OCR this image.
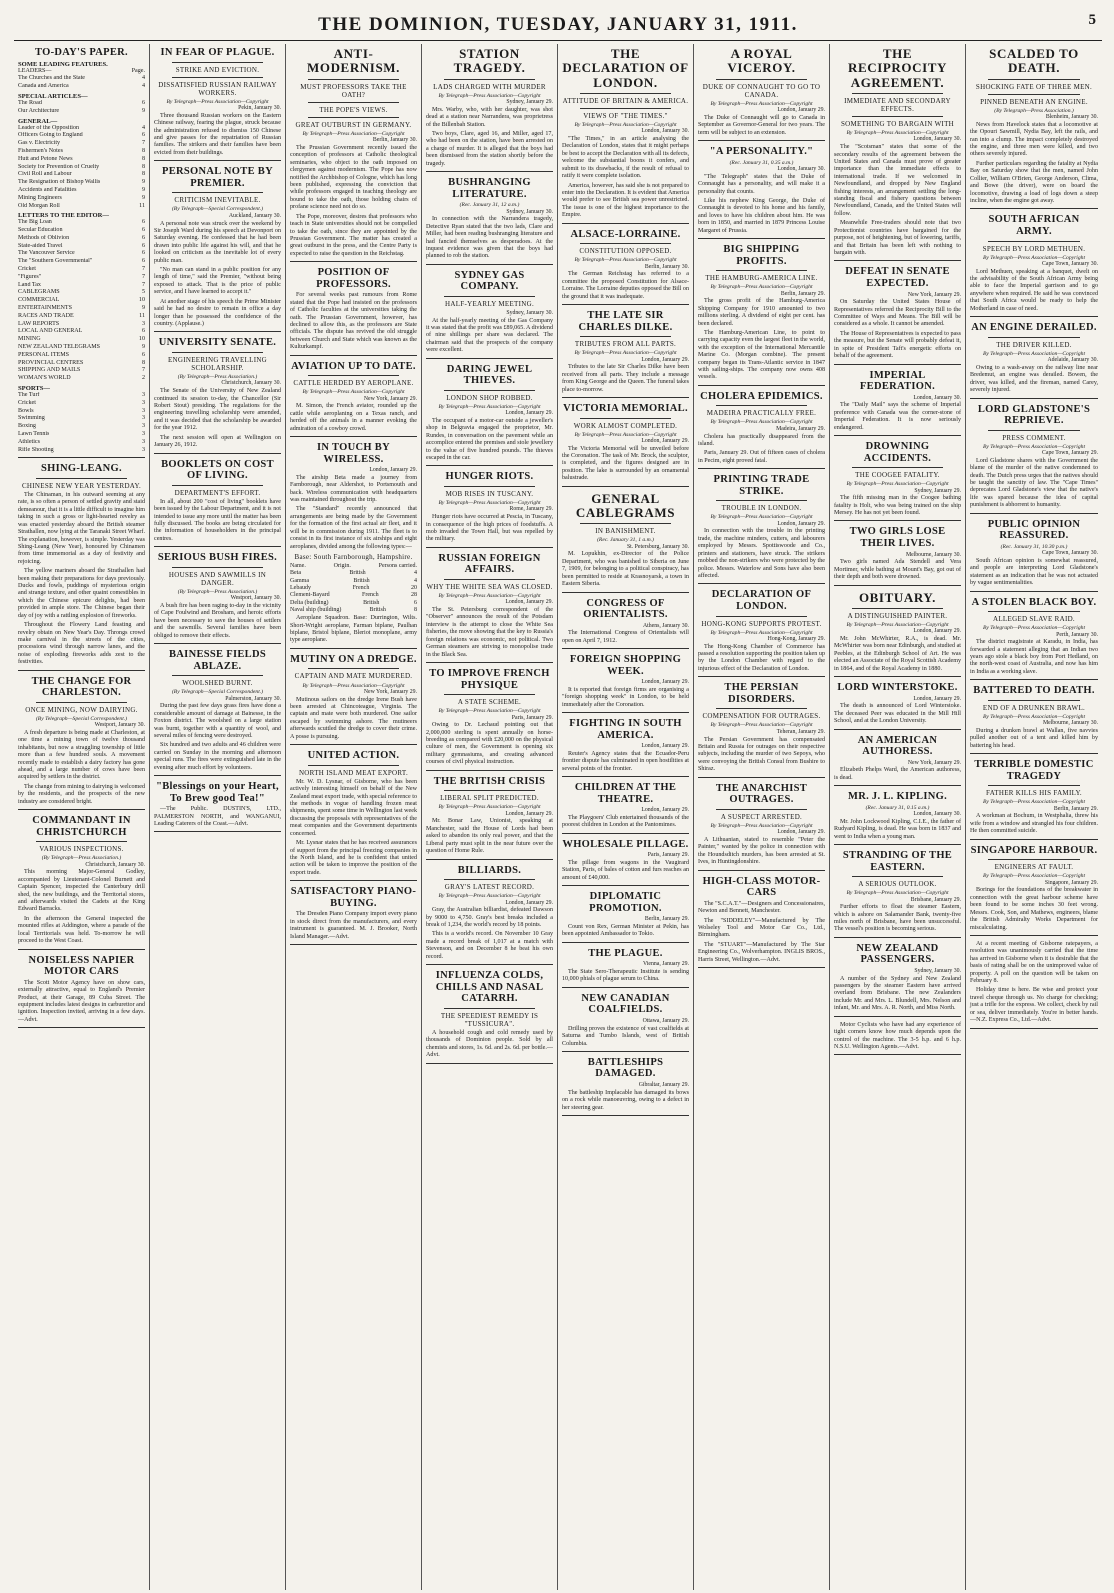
THE DOMINION, TUESDAY, JANUARY 31, 1911.	5
TO-DAY'S PAPER.
SOME LEADING FEATURES.
LEADERS—	Page.
The Churches and the State	4
Canada and America	4
SPECIAL ARTICLES—
The Road	6
Our Architecture	9
GENERAL—
Leader of the Opposition	4
Officers Going to England	6
Gas v. Electricity	7
Fishermen's Notes	8
Hutt and Petone News	8
Society for Prevention of Cruelty	8
Civil Roll and Labour	8
The Resignation of Bishop Wallis	9
Accidents and Fatalities	9
Mining Engineers	9
Old Morgan Roll	11
LETTERS TO THE EDITOR—
The Big Loan	6
Secular Education	6
Methods of Oblivion	6
State-aided Travel	6
The Vancouver Service	6
The "Southern Governmental"	6
Cricket	7
"Figures"	7
Land Tax	7
CABLEGRAMS	5
COMMERCIAL	10
ENTERTAINMENTS	9
RACES AND TRADE	11
LAW REPORTS	3
LOCAL AND GENERAL	6
MINING	10
NEW ZEALAND TELEGRAMS	9
PERSONAL ITEMS	6
PROVINCIAL CENTRES	8
SHIPPING AND MAILS	7
WOMAN'S WORLD	2
SPORTS—
The Turf	3
Cricket	3
Bowls	3
Swimming	3
Boxing	3
Lawn Tennis	3
Athletics	3
Rifle Shooting	3
SHING-LEANG.
CHINESE NEW YEAR YESTERDAY.

The Chinaman, in his outward seeming at any rate, is so often a person of settled gravity and staid demeanour, that it is a little difficult to imagine him taking in such a gross or light-hearted revelry as was enacted yesterday aboard the British steamer Strathallen, now lying at the Taranaki Street Wharf. The explanation, however, is simple. Yesterday was Shing-Leang (New Year), honoured by Chinamen from time immemorial as a day of festivity and rejoicing.

The yellow mariners aboard the Strathallen had been making their preparations for days previously. Ducks and fowls, puddings of mysterious origin and strange texture, and other quaint comestibles in which the Chinese epicure delights, had been provided in ample store. The Chinese began their day of joy with a rattling explosion of fireworks.

Throughout the Flowery Land feasting and revelry obtain on New Year's Day. Throngs crowd make carnival in the streets of the cities, processions wind through narrow lanes, and the noise of exploding fireworks adds zest to the festivities.

THE CHANGE FOR CHARLESTON.
ONCE MINING, NOW DAIRYING.
(By Telegraph—Special Correspondent.)
Westport, January 30.

A fresh departure is being made at Charleston, at one time a mining town of twelve thousand inhabitants, but now a straggling township of little more than a few hundred souls. A movement recently made to establish a dairy factory has gone ahead, and a large number of cows have been acquired by settlers in the district.

The change from mining to dairying is welcomed by the residents, and the prospects of the new industry are considered bright.

COMMANDANT IN CHRISTCHURCH
VARIOUS INSPECTIONS.
(By Telegraph—Press Association.)
Christchurch, January 30.

This morning Major-General Godley, accompanied by Lieutenant-Colonel Burnett and Captain Spencer, inspected the Canterbury drill shed, the new buildings, and the Territorial stores, and afterwards visited the Cadets at the King Edward Barracks.

In the afternoon the General inspected the mounted rifles at Addington, where a parade of the local Territorials was held. To-morrow he will proceed to the West Coast.

NOISELESS NAPIER MOTOR CARS

The Scott Motor Agency have on show cars, externally attractive, equal to England's Premier Product, at their Garage, 89 Cuba Street. The equipment includes latest designs in carburettor and ignition. Inspection invited, arriving in a few days.—Advt.

IN FEAR OF PLAGUE.
STRIKE AND EVICTION.
DISSATISFIED RUSSIAN RAILWAY WORKERS.
By Telegraph—Press Association—Copyright
Pekin, January 30.

Three thousand Russian workers on the Eastern Chinese railway, fearing the plague, struck because the administration refused to dismiss 150 Chinese and give passes for the repatriation of Russian families. The strikers and their families have been evicted from their buildings.

PERSONAL NOTE BY PREMIER.
CRITICISM INEVITABLE.
(By Telegraph—Special Correspondent.)
Auckland, January 30.

A personal note was struck over the weekend by Sir Joseph Ward during his speech at Devonport on Saturday evening. He confessed that he had been drawn into public life against his will, and that he looked on criticism as the inevitable lot of every public man.

"No man can stand in a public position for any length of time," said the Premier, "without being exposed to attack. That is the price of public service, and I have learned to accept it."

At another stage of his speech the Prime Minister said he had no desire to remain in office a day longer than he possessed the confidence of the country. (Applause.)

UNIVERSITY SENATE.
ENGINEERING TRAVELLING SCHOLARSHIP.
(By Telegraph—Press Association.)
Christchurch, January 30.

The Senate of the University of New Zealand continued its session to-day, the Chancellor (Sir Robert Stout) presiding. The regulations for the engineering travelling scholarship were amended, and it was decided that the scholarship be awarded for the year 1912.

The next session will open at Wellington on January 26, 1912.

BOOKLETS ON COST OF LIVING.
DEPARTMENT'S EFFORT.

In all, about 200 "cost of living" booklets have been issued by the Labour Department, and it is not intended to issue any more until the matter has been fully discussed. The books are being circulated for the information of householders in the principal centres.

SERIOUS BUSH FIRES.
HOUSES AND SAWMILLS IN DANGER.
(By Telegraph—Press Association.)
Westport, January 30.

A bush fire has been raging to-day in the vicinity of Cape Foulwind and Brosham, and heroic efforts have been necessary to save the houses of settlers and the sawmills. Several families have been obliged to remove their effects.

BAINESSE FIELDS ABLAZE.
WOOLSHED BURNT.
(By Telegraph—Special Correspondent.)
Palmerston, January 30.

During the past few days grass fires have done a considerable amount of damage at Bainesse, in the Foxton district. The woolshed on a large station was burnt, together with a quantity of wool, and several miles of fencing were destroyed.

Six hundred and two adults and 46 children were carried on Sunday in the morning and afternoon special runs. The fires were extinguished late in the evening after much effort by volunteers.

"Blessings on your Heart, To Brew good Tea!"

—The Public. DUSTIN'S, LTD., PALMERSTON NORTH, and WANGANUI, Leading Caterers of the Coast.—Advt.

ANTI-MODERNISM.
MUST PROFESSORS TAKE THE OATH?
THE POPE'S VIEWS.
GREAT OUTBURST IN GERMANY.
By Telegraph—Press Association—Copyright
Berlin, January 30.

The Prussian Government recently issued the conception of professors at Catholic theological seminaries, who object to the oath imposed on clergymen against modernism. The Pope has now notified the Archbishop of Cologne, which has long been published, expressing the conviction that while professors engaged in teaching theology are bound to take the oath, those holding chairs of profane science need not do so.

The Pope, moreover, desires that professors who teach in State universities should not be compelled to take the oath, since they are appointed by the Prussian Government. The matter has created a great outburst in the press, and the Centre Party is expected to raise the question in the Reichstag.

POSITION OF PROFESSORS.

For several weeks past rumours from Rome stated that the Pope had insisted on the professors of Catholic faculties at the universities taking the oath. The Prussian Government, however, has declined to allow this, as the professors are State officials. The dispute has revived the old struggle between Church and State which was known as the Kulturkampf.

AVIATION UP TO DATE.
CATTLE HERDED BY AEROPLANE.
By Telegraph—Press Association—Copyright
New York, January 29.

M. Simon, the French aviator, rounded up the cattle while aeroplaning on a Texas ranch, and herded off the animals in a manner evoking the admiration of a cowboy crowd.

IN TOUCH BY WIRELESS.
London, January 29.

The airship Beta made a journey from Farnborough, near Aldershot, to Portsmouth and back. Wireless communication with headquarters was maintained throughout the trip.

The "Standard" recently announced that arrangements are being made by the Government for the formation of the first actual air fleet, and it will be in commission during 1911. The fleet is to consist in its first instance of six airships and eight aeroplanes, divided among the following types:—

Base: South Farnborough, Hampshire.
Name.	Origin.	Persons carried.
Beta	British	4
Gamma	British	4
Lebaudy	French	20
Clement-Bayard	French	28
Delta (building)	British	6
Naval ship (building)	British	8

Aeroplane Squadron. Base: Durrington, Wilts. Short-Wright aeroplane, Farman biplane, Paulhan biplane, Bristol biplane, Bleriot monoplane, army type aeroplane.

MUTINY ON A DREDGE.
CAPTAIN AND MATE MURDERED.
By Telegraph—Press Association—Copyright
New York, January 29.

Mutinous sailors on the dredge Irene Bush have been arrested at Chincoteague, Virginia. The captain and mate were both murdered. One sailor escaped by swimming ashore. The mutineers afterwards scuttled the dredge to cover their crime. A posse is pursuing.

UNITED ACTION.
NORTH ISLAND MEAT EXPORT.

Mr. W. D. Lysnar, of Gisborne, who has been actively interesting himself on behalf of the New Zealand meat export trade, with special reference to the methods in vogue of handling frozen meat shipments, spent some time in Wellington last week discussing the proposals with representatives of the meat companies and the Government departments concerned.

Mr. Lysnar states that he has received assurances of support from the principal freezing companies in the North Island, and he is confident that united action will be taken to improve the position of the export trade.

SATISFACTORY PIANO-BUYING.

The Dresden Piano Company import every piano in stock direct from the manufacturers, and every instrument is guaranteed. M. J. Brooker, North Island Manager.—Advt.

STATION TRAGEDY.
LADS CHARGED WITH MURDER
By Telegraph—Press Association—Copyright
Sydney, January 29.

Mrs. Warby, who, with her daughter, was shot dead at a station near Narrandera, was proprietress of the Billenbah Station.

Two boys, Clare, aged 16, and Miller, aged 17, who had been on the station, have been arrested on a charge of murder. It is alleged that the boys had been dismissed from the station shortly before the tragedy.

BUSHRANGING LITERATURE.
(Rec. January 31, 12 a.m.)
Sydney, January 30.

In connection with the Narrandera tragedy, Detective Ryan stated that the two lads, Clare and Miller, had been reading bushranging literature and had fancied themselves as desperadoes. At the inquest evidence was given that the boys had planned to rob the station.

SYDNEY GAS COMPANY.
HALF-YEARLY MEETING.
Sydney, January 30.

At the half-yearly meeting of the Gas Company it was stated that the profit was £89,065. A dividend of nine shillings per share was declared. The chairman said that the prospects of the company were excellent.

DARING JEWEL THIEVES.
LONDON SHOP ROBBED.
By Telegraph—Press Association—Copyright
London, January 29.

The occupant of a motor-car outside a jeweller's shop in Belgravia engaged the proprietor, Mr. Rundes, in conversation on the pavement while an accomplice entered the premises and stole jewellery to the value of five hundred pounds. The thieves escaped in the car.

HUNGER RIOTS.
MOB RISES IN TUSCANY.
By Telegraph—Press Association—Copyright
Rome, January 29.

Hunger riots have occurred at Pescia, in Tuscany, in consequence of the high prices of foodstuffs. A mob invaded the Town Hall, but was repelled by the military.

RUSSIAN FOREIGN AFFAIRS.
WHY THE WHITE SEA WAS CLOSED.
By Telegraph—Press Association—Copyright
London, January 29.

The St. Petersburg correspondent of the "Observer" announces the result of the Potsdam interview is the attempt to close the White Sea fisheries, the move showing that the key to Russia's foreign relations was economic, not political. Two German steamers are striving to monopolise trade in the Black Sea.

TO IMPROVE FRENCH PHYSIQUE
A STATE SCHEME.
By Telegraph—Press Association—Copyright
Paris, January 29.

Owing to Dr. Lechaud pointing out that 2,000,000 sterling is spent annually on horse-breeding as compared with £20,000 on the physical culture of men, the Government is opening six military gymnasiums, and creating advanced courses of civil physical instruction.

THE BRITISH CRISIS
LIBERAL SPLIT PREDICTED.
By Telegraph—Press Association—Copyright
London, January 29.

Mr. Bonar Law, Unionist, speaking at Manchester, said the House of Lords had been asked to abandon its only real power, and that the Liberal party must split in the near future over the question of Home Rule.

BILLIARDS.
GRAY'S LATEST RECORD.
By Telegraph—Press Association—Copyright
London, January 29.

Gray, the Australian billiardist, defeated Dawson by 9000 to 4,750. Gray's best breaks included a break of 1,234, the world's record by 18 points.

This is a world's record. On November 10 Gray made a record break of 1,017 at a match with Stevenson, and on December 8 he beat his own record.

INFLUENZA COLDS, CHILLS AND NASAL CATARRH.
THE SPEEDIEST REMEDY IS "TUSSICURA".

A household cough and cold remedy used by thousands of Dominion people. Sold by all chemists and stores, 1s. 6d. and 2s. 6d. per bottle.—Advt.

THE DECLARATION OF LONDON.
ATTITUDE OF BRITAIN & AMERICA.
VIEWS OF "THE TIMES."
By Telegraph—Press Association—Copyright
London, January 30.

"The Times," in an article analysing the Declaration of London, states that it might perhaps be best to accept the Declaration with all its defects, welcome the substantial boons it confers, and submit to its drawbacks, if the result of refusal to ratify it were complete isolation.

America, however, has said she is not prepared to enter into the Declaration. It is evident that America would prefer to see British sea power unrestricted. The issue is one of the highest importance to the Empire.

ALSACE-LORRAINE.
CONSTITUTION OPPOSED.
By Telegraph—Press Association—Copyright
Berlin, January 30.

The German Reichstag has referred to a committee the proposed Constitution for Alsace-Lorraine. The Lorraine deputies opposed the Bill on the ground that it was inadequate.

THE LATE SIR CHARLES DILKE.
TRIBUTES FROM ALL PARTS.
By Telegraph—Press Association—Copyright
London, January 29.

Tributes to the late Sir Charles Dilke have been received from all parts. They include a message from King George and the Queen. The funeral takes place to-morrow.

VICTORIA MEMORIAL.
WORK ALMOST COMPLETED.
By Telegraph—Press Association—Copyright
London, January 29.

The Victoria Memorial will be unveiled before the Coronation. The task of Mr. Brock, the sculptor, is completed, and the figures designed are in position. The lake is surrounded by an ornamental balustrade.

GENERAL CABLEGRAMS
IN BANISHMENT.
(Rec. January 31, 1 a.m.)
St. Petersburg, January 30.

M. Lopukhin, ex-Director of the Police Department, who was banished to Siberia on June 7, 1909, for belonging to a political conspiracy, has been permitted to reside at Krasnoyarsk, a town in Eastern Siberia.

CONGRESS OF ORIENTALISTS.
Athens, January 30.

The International Congress of Orientalists will open on April 7, 1912.

FOREIGN SHOPPING WEEK.
London, January 29.

It is reported that foreign firms are organising a "foreign shopping week" in London, to be held immediately after the Coronation.

FIGHTING IN SOUTH AMERICA.
London, January 29.

Reuter's Agency states that the Ecuador-Peru frontier dispute has culminated in open hostilities at several points of the frontier.

CHILDREN AT THE THEATRE.
London, January 29.

The Playgoers' Club entertained thousands of the poorest children in London at the Pantomimes.

WHOLESALE PILLAGE.
Paris, January 29.

The pillage from wagons in the Vaugirard Station, Paris, of bales of cotton and furs reaches an amount of £40,000.

DIPLOMATIC PROMOTION.
Berlin, January 29.

Count von Rex, German Minister at Pekin, has been appointed Ambassador to Tokio.

THE PLAGUE.
Vienna, January 29.

The State Sero-Therapeutic Institute is sending 10,000 phials of plague serum to China.

NEW CANADIAN COALFIELDS.
Ottawa, January 29.

Drilling proves the existence of vast coalfields at Saturna and Tumbo Islands, west of British Columbia.

BATTLESHIPS DAMAGED.
Gibraltar, January 29.

The battleship Implacable has damaged its bows on a rock while manoeuvring, owing to a defect in her steering gear.

A ROYAL VICEROY.
DUKE OF CONNAUGHT TO GO TO CANADA.
By Telegraph—Press Association—Copyright
London, January 29.

The Duke of Connaught will go to Canada in September as Governor-General for two years. The term will be subject to an extension.

"A PERSONALITY."
(Rec. January 31, 0.35 a.m.)
London, January 30.

"The Telegraph" states that the Duke of Connaught has a personality, and will make it a personality that counts.

Like his nephew King George, the Duke of Connaught is devoted to his home and his family, and loves to have his children about him. He was born in 1850, and married in 1879 Princess Louise Margaret of Prussia.

BIG SHIPPING PROFITS.
THE HAMBURG-AMERICA LINE.
By Telegraph—Press Association—Copyright
Berlin, January 29.

The gross profit of the Hamburg-America Shipping Company for 1910 amounted to two millions sterling. A dividend of eight per cent. has been declared.

The Hamburg-American Line, to point to carrying capacity even the largest fleet in the world, with the exception of the International Mercantile Marine Co. (Morgan combine). The present company began its Trans-Atlantic service in 1847 with sailing-ships. The company now owns 408 vessels.

CHOLERA EPIDEMICS.
MADEIRA PRACTICALLY FREE.
By Telegraph—Press Association—Copyright
Madeira, January 29.

Cholera has practically disappeared from the island.

Paris, January 29. Out of fifteen cases of cholera in Pecim, eight proved fatal.

PRINTING TRADE STRIKE.
TROUBLE IN LONDON.
By Telegraph—Press Association—Copyright
London, January 29.

In connection with the trouble in the printing trade, the machine minders, cutters, and labourers employed by Messrs. Spottiswoode and Co., printers and stationers, have struck. The strikers mobbed the non-strikers who were protected by the police. Messrs. Waterlow and Sons have also been affected.

DECLARATION OF LONDON.
HONG-KONG SUPPORTS PROTEST.
By Telegraph—Press Association—Copyright
Hong-Kong, January 29.

The Hong-Kong Chamber of Commerce has passed a resolution supporting the position taken up by the London Chamber with regard to the injurious effect of the Declaration of London.

THE PERSIAN DISORDERS.
COMPENSATION FOR OUTRAGES.
By Telegraph—Press Association—Copyright
Teheran, January 29.

The Persian Government has compensated Britain and Russia for outrages on their respective subjects, including the murder of two Sepoys, who were convoying the British Consul from Bushire to Shiraz.

THE ANARCHIST OUTRAGES.
A SUSPECT ARRESTED.
By Telegraph—Press Association—Copyright
London, January 29.

A Lithuanian, stated to resemble "Peter the Painter," wanted by the police in connection with the Houndsditch murders, has been arrested at St. Ives, in Huntingdonshire.

HIGH-CLASS MOTOR-CARS

The "S.C.A.T."—Designers and Concessionaires, Newton and Bennett, Manchester.

The "SIDDELEY"—Manufactured by The Wolseley Tool and Motor Car Co., Ltd., Birmingham.

The "STUART"—Manufactured by The Star Engineering Co., Wolverhampton. INGLIS BROS., Harris Street, Wellington.—Advt.

THE RECIPROCITY AGREEMENT.
IMMEDIATE AND SECONDARY EFFECTS.
SOMETHING TO BARGAIN WITH
By Telegraph—Press Association—Copyright
London, January 30.

The "Scotsman" states that some of the secondary results of the agreement between the United States and Canada must prove of greater importance than the immediate effects to international trade. If we welcomed in Newfoundland, and dropped by New England fishing interests, an arrangement settling the long-standing fiscal and fishery questions between Newfoundland, Canada, and the United States will follow.

Meanwhile Free-traders should note that two Protectionist countries have bargained for the purpose, not of heightening, but of lowering, tariffs, and that Britain has been left with nothing to bargain with.

DEFEAT IN SENATE EXPECTED.
New York, January 29.

On Saturday the United States House of Representatives referred the Reciprocity Bill to the Committee of Ways and Means. The Bill will be considered as a whole. It cannot be amended.

The House of Representatives is expected to pass the measure, but the Senate will probably defeat it, in spite of President Taft's energetic efforts on behalf of the agreement.

IMPERIAL FEDERATION.
London, January 30.

The "Daily Mail" says the scheme of Imperial preference with Canada was the corner-stone of Imperial Federation. It is now seriously endangered.

DROWNING ACCIDENTS.
THE COOGEE FATALITY.
By Telegraph—Press Association—Copyright
Sydney, January 29.

The fifth missing man in the Coogee bathing fatality is Holt, who was being trained on the ship Mersey. He has not yet been found.

TWO GIRLS LOSE THEIR LIVES.
Melbourne, January 30.

Two girls named Ada Stendell and Vera Mortimer, while bathing at Mount's Bay, got out of their depth and both were drowned.

OBITUARY.
A DISTINGUISHED PAINTER.
By Telegraph—Press Association—Copyright
London, January 29.

Mr. John McWhirter, R.A., is dead. Mr. McWhirter was born near Edinburgh, and studied at Peebles, at the Edinburgh School of Art. He was elected an Associate of the Royal Scottish Academy in 1864, and of the Royal Academy in 1880.

LORD WINTERSTOKE.
London, January 29.

The death is announced of Lord Winterstoke. The deceased Peer was educated in the Mill Hill School, and at the London University.

AN AMERICAN AUTHORESS.
New York, January 29.

Elizabeth Phelps Ward, the American authoress, is dead.

MR. J. L. KIPLING.
(Rec. January 31, 0.15 a.m.)
London, January 30.

Mr. John Lockwood Kipling, C.I.E., the father of Rudyard Kipling, is dead. He was born in 1837 and went to India when a young man.

STRANDING OF THE EASTERN.
A SERIOUS OUTLOOK.
By Telegraph—Press Association—Copyright
Brisbane, January 29.

Further efforts to float the steamer Eastern, which is ashore on Salamander Bank, twenty-five miles north of Brisbane, have been unsuccessful. The vessel's position is becoming serious.

NEW ZEALAND PASSENGERS.
Sydney, January 30.

A number of the Sydney and New Zealand passengers by the steamer Eastern have arrived overland from Brisbane. The new Zealanders include Mr. and Mrs. L. Blundell, Mrs. Nelson and infant, Mr. and Mrs. A. R. North, and Miss North.

Motor Cyclists who have had any experience of tight corners know how much depends upon the control of the machine. The 3-5 h.p. and 6 h.p. N.S.U. Wellington Agents.—Advt.

SCALDED TO DEATH.
SHOCKING FATE OF THREE MEN.
PINNED BENEATH AN ENGINE.
(By Telegraph—Press Association.)
Blenheim, January 30.

News from Havelock states that a locomotive at the Opouri Sawmill, Nydia Bay, left the rails, and ran into a clump. The impact completely destroyed the engine, and three men were killed, and two others severely injured.

Further particulars regarding the fatality at Nydia Bay on Saturday show that the men, named John Collier, William O'Brien, George Anderson, Clima, and Bowe (the driver), were on board the locomotive, drawing a load of logs down a steep incline, when the engine got away.

SOUTH AFRICAN ARMY.
SPEECH BY LORD METHUEN.
By Telegraph—Press Association—Copyright
Cape Town, January 30.

Lord Methuen, speaking at a banquet, dwelt on the advisability of the South African Army being able to face the Imperial garrison and to go anywhere when required. He said he was convinced that South Africa would be ready to help the Motherland in case of need.

AN ENGINE DERAILED.
THE DRIVER KILLED.
By Telegraph—Press Association—Copyright
Adelaide, January 30.

Owing to a wash-away on the railway line near Bredemut, an engine was derailed. Bowen, the driver, was killed, and the fireman, named Carey, severely injured.

LORD GLADSTONE'S REPRIEVE.
PRESS COMMENT.
By Telegraph—Press Association—Copyright
Cape Town, January 29.

Lord Gladstone shares with the Government the blame of the murder of the native condemned to death. The Dutch press urges that the natives should be taught the sanctity of law. The "Cape Times" deprecates Lord Gladstone's view that the native's life was spared because the idea of capital punishment is abhorrent to humanity.

PUBLIC OPINION REASSURED.
(Rec. January 31, 10.30 p.m.)
Cape Town, January 30.

South African opinion is somewhat reassured, and people are interpreting Lord Gladstone's statement as an indication that he was not actuated by vague sentimentalities.

A STOLEN BLACK BOY.
ALLEGED SLAVE RAID.
By Telegraph—Press Association—Copyright
Perth, January 30.

The district magistrate at Karadu, in India, has forwarded a statement alleging that an Indian two years ago stole a black boy from Port Hedland, on the north-west coast of Australia, and now has him in India as a working slave.

BATTERED TO DEATH.
END OF A DRUNKEN BRAWL.
By Telegraph—Press Association—Copyright
Melbourne, January 30.

During a drunken brawl at Wallan, five navvies pulled another out of a tent and killed him by battering his head.

TERRIBLE DOMESTIC TRAGEDY
FATHER KILLS HIS FAMILY.
By Telegraph—Press Association—Copyright
Berlin, January 29.

A workman at Bochum, in Westphalia, threw his wife from a window and strangled his four children. He then committed suicide.

SINGAPORE HARBOUR.
ENGINEERS AT FAULT.
By Telegraph—Press Association—Copyright
Singapore, January 29.

Borings for the foundations of the breakwater in connection with the great harbour scheme have been found to be some inches 30 feet wrong. Messrs. Cook, Son, and Mathews, engineers, blame the British Admiralty Works Department for miscalculating.

At a recent meeting of Gisborne ratepayers, a resolution was unanimously carried that the time has arrived in Gisborne when it is desirable that the basis of rating shall be on the unimproved value of property. A poll on the question will be taken on February 8.

Holiday time is here. Be wise and protect your travel cheque through us. No charge for checking; just a trifle for the express. We collect, check by rail or sea, deliver immediately. You're in better hands.—N.Z. Express Co., Ltd.—Advt.
